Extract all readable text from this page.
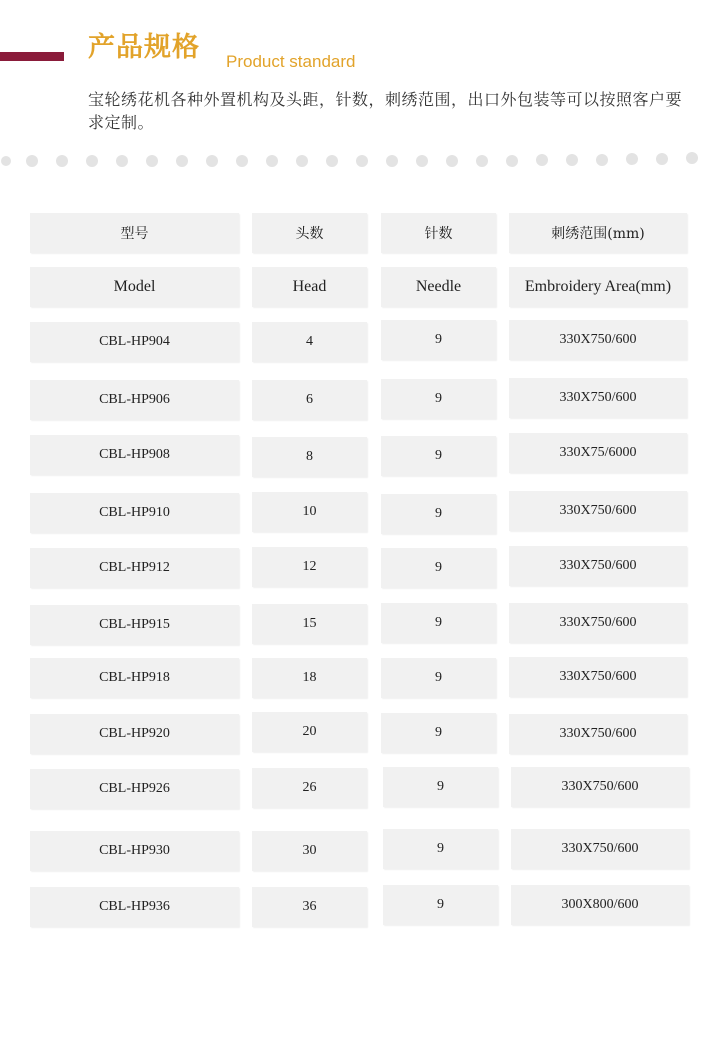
产品规格 Product standard
宝轮绣花机各种外置机构及头距，针数，刺绣范围，出口外包装等可以按照客户要求定制。
型号	头数	针数	刺绣范围(mm)
Model	Head	Needle	Embroidery Area(mm)
CBL-HP904	4	9	330X750/600
CBL-HP906	6	9	330X750/600
CBL-HP908	8	9	330X75/6000
CBL-HP910	10	9	330X750/600
CBL-HP912	12	9	330X750/600
CBL-HP915	15	9	330X750/600
CBL-HP918	18	9	330X750/600
CBL-HP920	20	9	330X750/600
CBL-HP926	26	9	330X750/600
CBL-HP930	30	9	330X750/600
CBL-HP936	36	9	300X800/600
